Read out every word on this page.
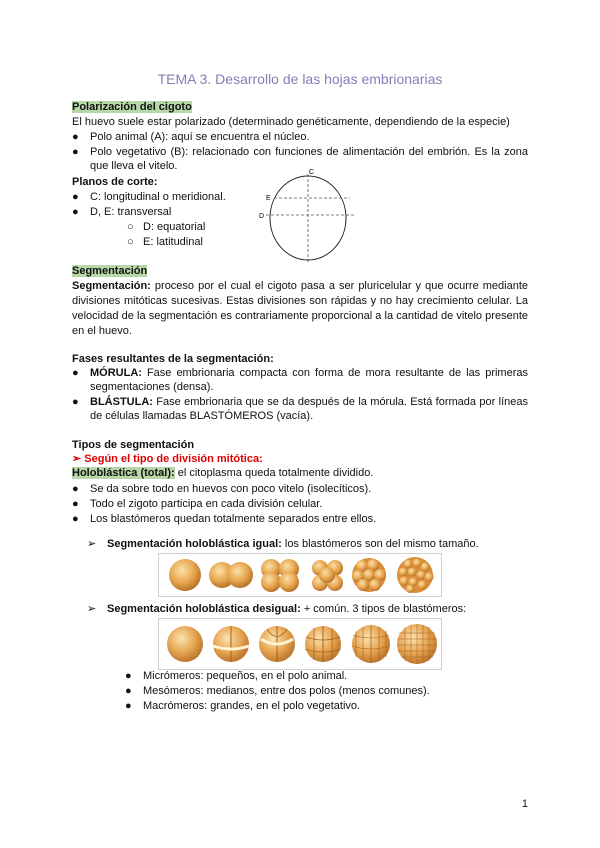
TEMA 3. Desarrollo de las hojas embrionarias
Polarización del cigoto
El huevo suele estar polarizado (determinado genéticamente, dependiendo de la especie)
● Polo animal (A): aquí se encuentra el núcleo.
● Polo vegetativo (B): relacionado con funciones de alimentación del embrión. Es la zona que lleva el vitelo.
Planos de corte:
● C: longitudinal o meridional.
● D, E: transversal
○ D: equatorial
○ E: latitudinal
C
E
D
Segmentación
Segmentación: proceso por el cual el cigoto pasa a ser pluricelular y que ocurre mediante divisiones mitóticas sucesivas. Estas divisiones son rápidas y no hay crecimiento celular. La velocidad de la segmentación es contrariamente proporcional a la cantidad de vitelo presente en el huevo.
Fases resultantes de la segmentación:
● MÓRULA: Fase embrionaria compacta con forma de mora resultante de las primeras segmentaciones (densa).
● BLÁSTULA: Fase embrionaria que se da después de la mórula. Está formada por líneas de células llamadas BLASTÓMEROS (vacía).
Tipos de segmentación
➢ Según el tipo de división mitótica:
Holoblástica (total): el citoplasma queda totalmente dividido.
● Se da sobre todo en huevos con poco vitelo (isolecíticos).
● Todo el zigoto participa en cada división celular.
● Los blastómeros quedan totalmente separados entre ellos.
➢ Segmentación holoblástica igual: los blastómeros son del mismo tamaño.
➢ Segmentación holoblástica desigual: + común. 3 tipos de blastómeros:
● Micrómeros: pequeños, en el polo animal.
● Mesómeros: medianos, entre dos polos (menos comunes).
● Macrómeros: grandes, en el polo vegetativo.
1
